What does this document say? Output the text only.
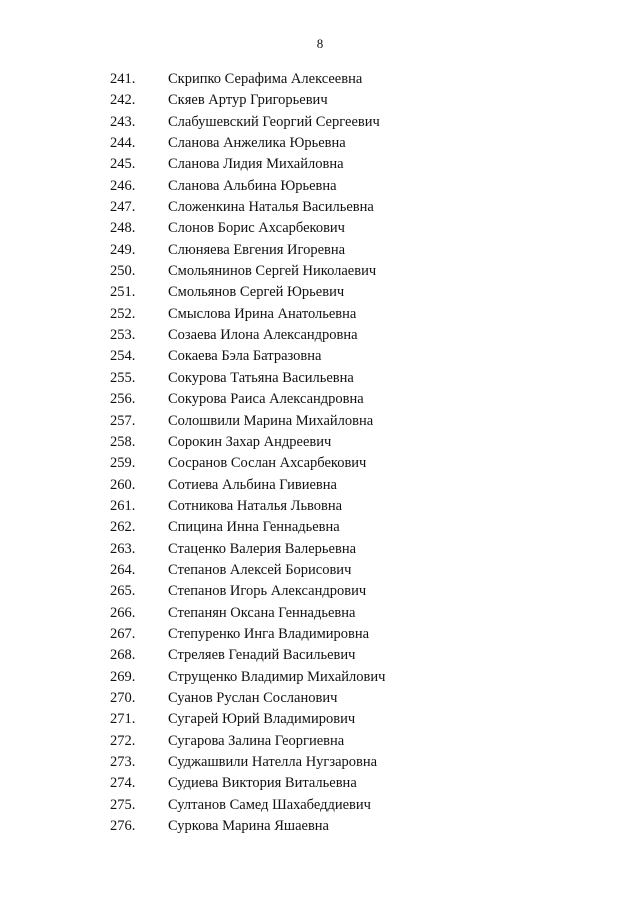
8
241.	Скрипко Серафима Алексеевна
242.	Скяев Артур Григорьевич
243.	Слабушевский Георгий Сергеевич
244.	Сланова Анжелика Юрьевна
245.	Сланова Лидия Михайловна
246.	Сланова Альбина Юрьевна
247.	Сложенкина Наталья Васильевна
248.	Слонов Борис Ахсарбекович
249.	Слюняева Евгения Игоревна
250.	Смольянинов Сергей Николаевич
251.	Смольянов Сергей Юрьевич
252.	Смыслова Ирина Анатольевна
253.	Созаева Илона Александровна
254.	Сокаева Бэла Батразовна
255.	Сокурова Татьяна Васильевна
256.	Сокурова Раиса Александровна
257.	Солошвили Марина Михайловна
258.	Сорокин Захар Андреевич
259.	Сосранов Сослан Ахсарбекович
260.	Сотиева Альбина Гивиевна
261.	Сотникова Наталья Львовна
262.	Спицина Инна Геннадьевна
263.	Стаценко Валерия Валерьевна
264.	Степанов Алексей Борисович
265.	Степанов Игорь Александрович
266.	Степанян Оксана Геннадьевна
267.	Степуренко Инга Владимировна
268.	Стреляев Генадий Васильевич
269.	Струщенко Владимир Михайлович
270.	Суанов Руслан Сосланович
271.	Сугарей Юрий Владимирович
272.	Сугарова Залина Георгиевна
273.	Суджашвили Нателла Нугзаровна
274.	Судиева Виктория Витальевна
275.	Султанов Самед Шахабеддиевич
276.	Суркова Марина Яшаевна
